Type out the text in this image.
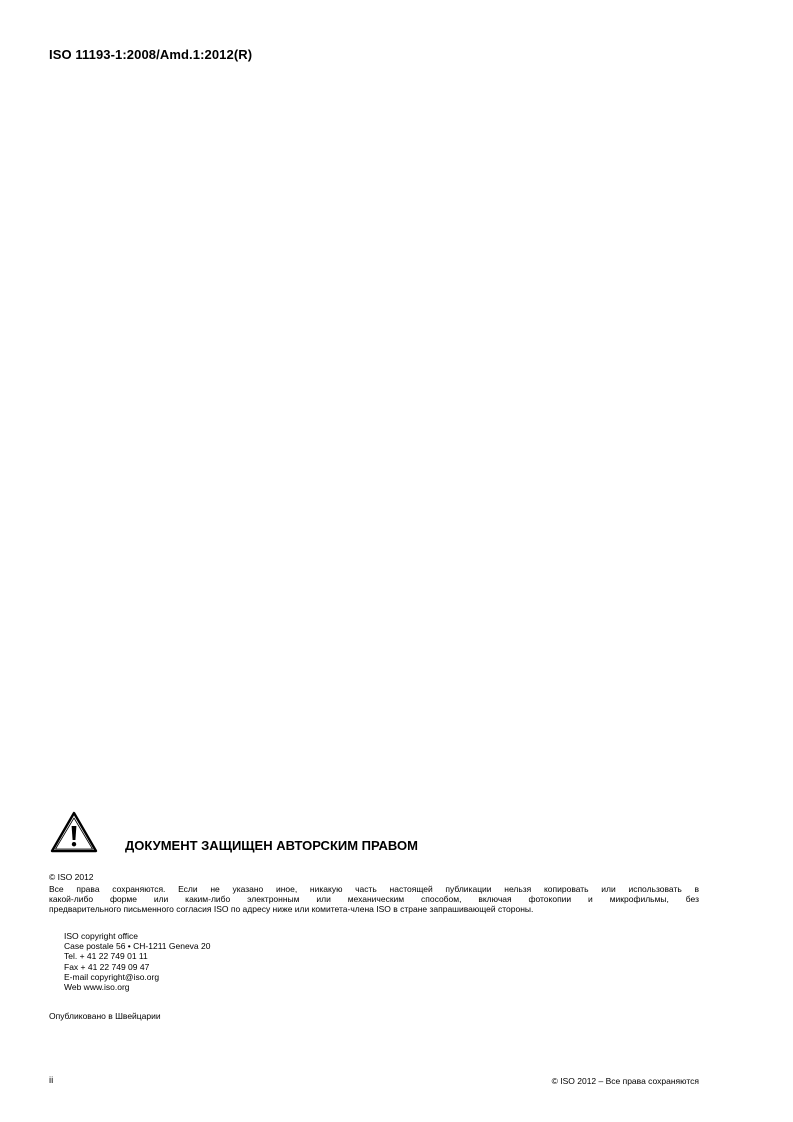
ISO 11193-1:2008/Amd.1:2012(R)
ДОКУМЕНТ ЗАЩИЩЕН АВТОРСКИМ ПРАВОМ
© ISO 2012
Все права сохраняются. Если не указано иное, никакую часть настоящей публикации нельзя копировать или использовать в
какой-либо форме или каким-либо электронным или механическим способом, включая фотокопии и микрофильмы, без
предварительного письменного согласия ISO по адресу ниже или комитета-члена ISO в стране запрашивающей стороны.
ISO copyright office
Case postale 56 • CH-1211 Geneva 20
Tel. + 41 22 749 01 11
Fax + 41 22 749 09 47
E-mail copyright@iso.org
Web www.iso.org
Опубликовано в Швейцарии
ii	© ISO 2012 – Все права сохраняются
